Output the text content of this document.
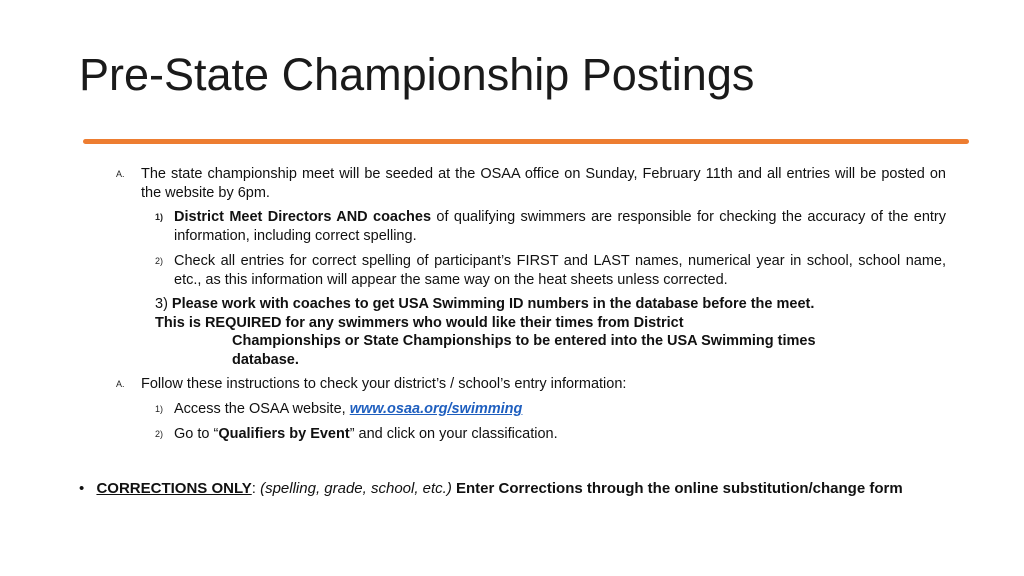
Pre-State Championship Postings
A. The state championship meet will be seeded at the OSAA office on Sunday, February 11th and all entries will be posted on the website by 6pm.
1) District Meet Directors AND coaches of qualifying swimmers are responsible for checking the accuracy of the entry information, including correct spelling.
2) Check all entries for correct spelling of participant’s FIRST and LAST names, numerical year in school, school name, etc., as this information will appear the same way on the heat sheets unless corrected.
3) Please work with coaches to get USA Swimming ID numbers in the database before the meet.
This is REQUIRED for any swimmers who would like their times from District
Championships or State Championships to be entered into the USA Swimming times
database.
A. Follow these instructions to check your district’s / school’s entry information:
1) Access the OSAA website, www.osaa.org/swimming
2) Go to “Qualifiers by Event” and click on your classification.
• CORRECTIONS ONLY: (spelling, grade, school, etc.) Enter Corrections through the online substitution/change form
